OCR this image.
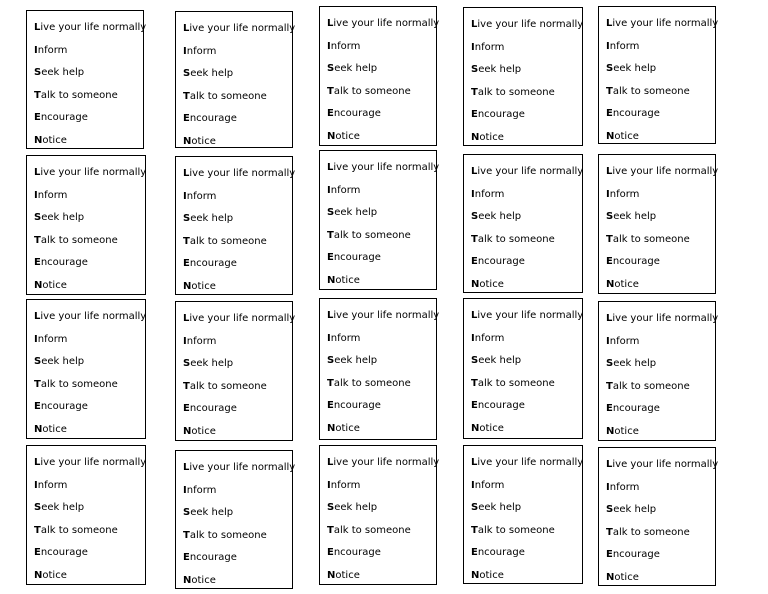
Live your life normally
Inform
Seek help
Talk to someone
Encourage
Notice
Live your life normally
Inform
Seek help
Talk to someone
Encourage
Notice
Live your life normally
Inform
Seek help
Talk to someone
Encourage
Notice
Live your life normally
Inform
Seek help
Talk to someone
Encourage
Notice
Live your life normally
Inform
Seek help
Talk to someone
Encourage
Notice
Live your life normally
Inform
Seek help
Talk to someone
Encourage
Notice
Live your life normally
Inform
Seek help
Talk to someone
Encourage
Notice
Live your life normally
Inform
Seek help
Talk to someone
Encourage
Notice
Live your life normally
Inform
Seek help
Talk to someone
Encourage
Notice
Live your life normally
Inform
Seek help
Talk to someone
Encourage
Notice
Live your life normally
Inform
Seek help
Talk to someone
Encourage
Notice
Live your life normally
Inform
Seek help
Talk to someone
Encourage
Notice
Live your life normally
Inform
Seek help
Talk to someone
Encourage
Notice
Live your life normally
Inform
Seek help
Talk to someone
Encourage
Notice
Live your life normally
Inform
Seek help
Talk to someone
Encourage
Notice
Live your life normally
Inform
Seek help
Talk to someone
Encourage
Notice
Live your life normally
Inform
Seek help
Talk to someone
Encourage
Notice
Live your life normally
Inform
Seek help
Talk to someone
Encourage
Notice
Live your life normally
Inform
Seek help
Talk to someone
Encourage
Notice
Live your life normally
Inform
Seek help
Talk to someone
Encourage
Notice
